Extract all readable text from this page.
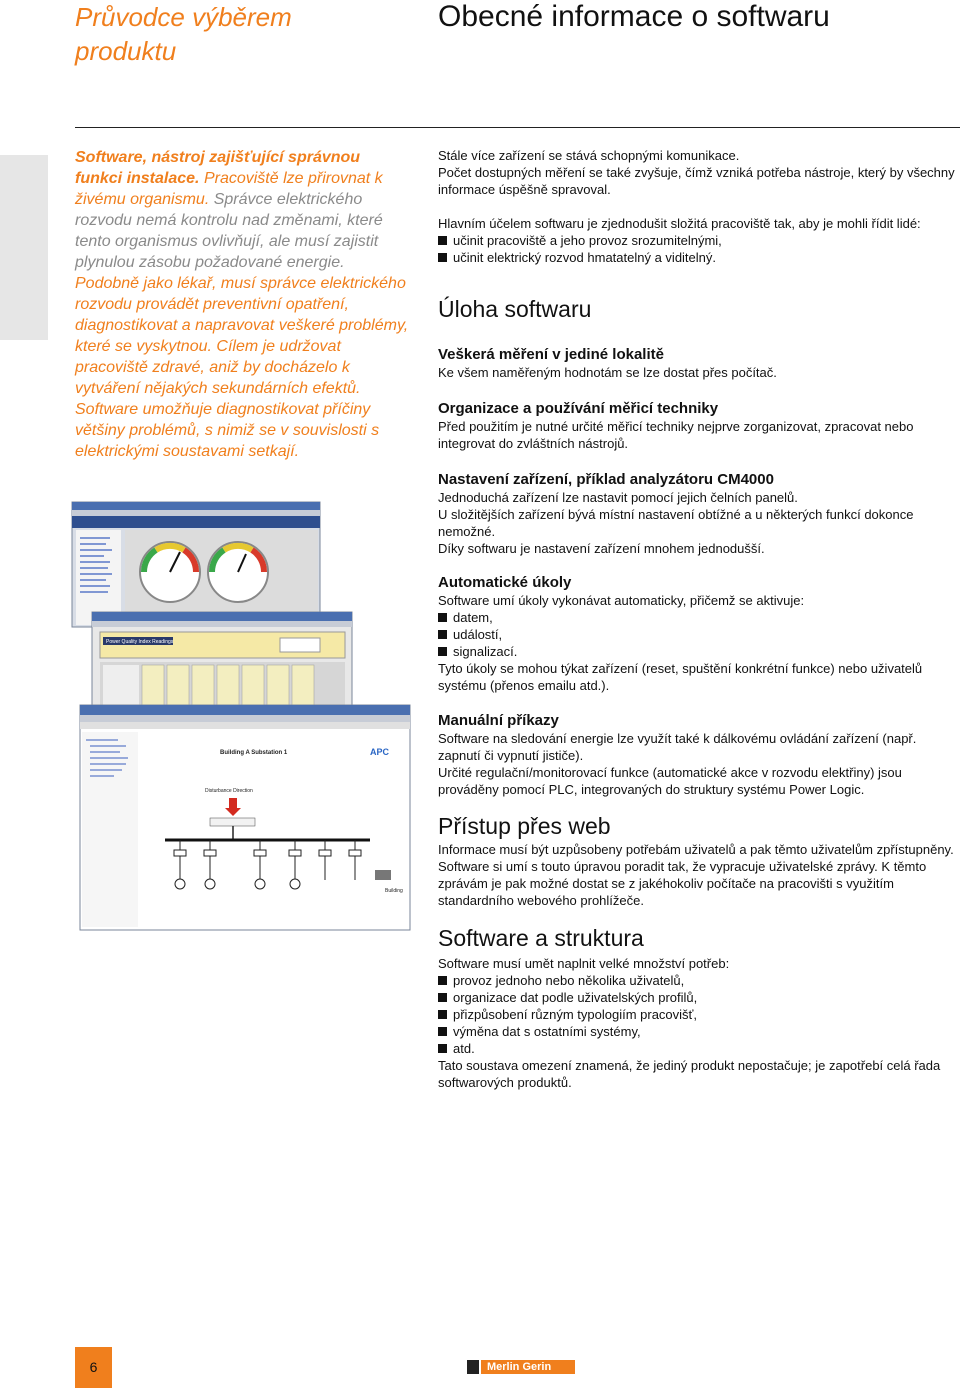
Průvodce výběrem produktu
Obecné informace o softwaru
Software, nástroj zajišťující správnou funkci instalace. Pracoviště lze přirovnat k živému organismu. Správce elektrického rozvodu nemá kontrolu nad změnami, které tento organismus ovlivňují, ale musí zajistit plynulou zásobu požadované energie. Podobně jako lékař, musí správce elektrického rozvodu provádět preventivní opatření, diagnostikovat a napravovat veškeré problémy, které se vyskytnou. Cílem je udržovat pracoviště zdravé, aniž by docházelo k vytváření nějakých sekundárních efektů. Software umožňuje diagnostikovat příčiny většiny problémů, s nimiž se v souvislosti s elektrickými soustavami setkají.
Power Quality Index Readings
Building A Substation 1	APC
Disturbance Direction
Building

Stále více zařízení se stává schopnými komunikace.

Počet dostupných měření se také zvyšuje, čímž vzniká potřeba nástroje, který by všechny informace úspěšně spravoval.

Hlavním účelem softwaru je zjednodušit složitá pracoviště tak, aby je mohli řídit lidé:

učinit pracoviště a jeho provoz srozumitelnými,

učinit elektrický rozvod hmatatelný a viditelný.

Úloha softwaru

Veškerá měření v jediné lokalitě

Ke všem naměřeným hodnotám se lze dostat přes počítač.

Organizace a používání měřicí techniky

Před použitím je nutné určité měřicí techniky nejprve zorganizovat, zpracovat nebo integrovat do zvláštních nástrojů.

Nastavení zařízení, příklad analyzátoru CM4000

Jednoduchá zařízení lze nastavit pomocí jejich čelních panelů.

U složitějších zařízení bývá místní nastavení obtížné a u některých funkcí dokonce nemožné.

Díky softwaru je nastavení zařízení mnohem jednodušší.

Automatické úkoly

Software umí úkoly vykonávat automaticky, přičemž se aktivuje:

datem,

událostí,

signalizací.

Tyto úkoly se mohou týkat zařízení (reset, spuštění konkrétní funkce) nebo uživatelů systému (přenos emailu atd.).

Manuální příkazy

Software na sledování energie lze využít také k dálkovému ovládání zařízení (např. zapnutí či vypnutí jističe).

Určité regulační/monitorovací funkce (automatické akce v rozvodu elektřiny) jsou prováděny pomocí PLC, integrovaných do struktury systému Power Logic.

Přístup přes web
Informace musí být uzpůsobeny potřebám uživatelů a pak těmto uživatelům zpřístupněny. Software si umí s touto úpravou poradit tak, že vypracuje uživatelské zprávy. K těmto zprávám je pak možné dostat se z jakéhokoliv počítače na pracovišti s využitím standardního webového prohlížeče.
Software a struktura

Software musí umět naplnit velké množství potřeb:

provoz jednoho nebo několika uživatelů,

organizace dat podle uživatelských profilů,

přizpůsobení různým typologiím pracovišť,

výměna dat s ostatními systémy,

atd.

Tato soustava omezení znamená, že jediný produkt nepostačuje; je zapotřebí celá řada softwarových produktů.

6	Merlin Gerin
